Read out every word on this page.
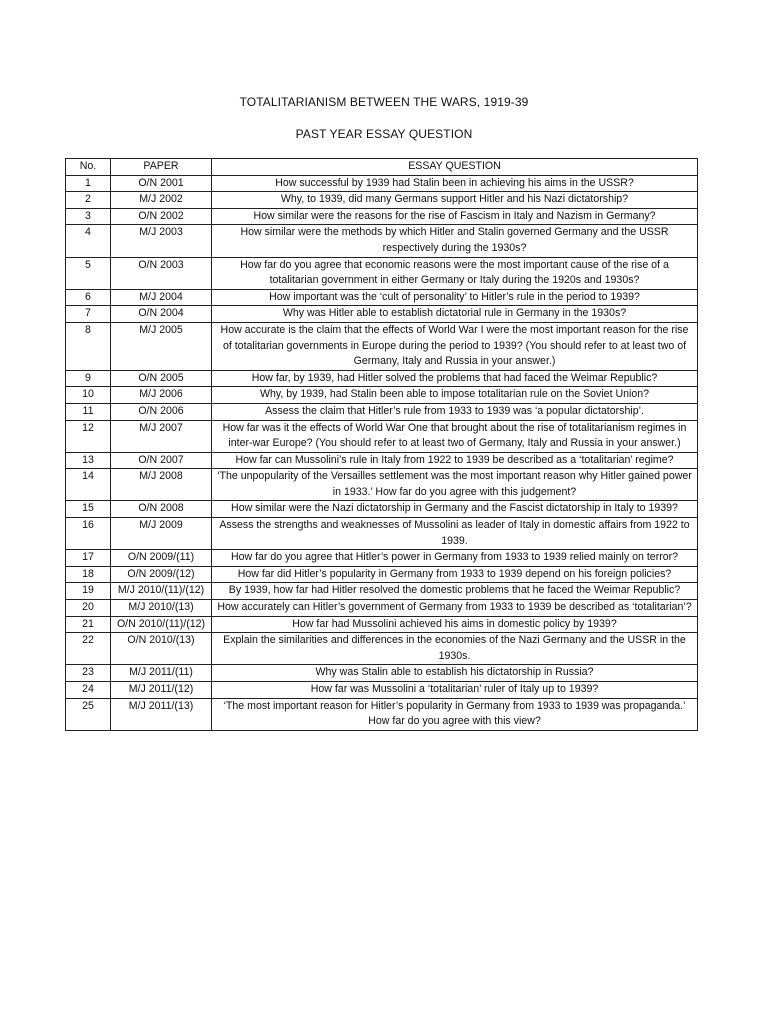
TOTALITARIANISM BETWEEN THE WARS, 1919-39
PAST YEAR ESSAY QUESTION
No.	PAPER	ESSAY QUESTION
1	O/N 2001	How successful by 1939 had Stalin been in achieving his aims in the USSR?
2	M/J 2002	Why, to 1939, did many Germans support Hitler and his Nazi dictatorship?
3	O/N 2002	How similar were the reasons for the rise of Fascism in Italy and Nazism in Germany?
4	M/J 2003	How similar were the methods by which Hitler and Stalin governed Germany and the USSR respectively during the 1930s?
5	O/N 2003	How far do you agree that economic reasons were the most important cause of the rise of a totalitarian government in either Germany or Italy during the 1920s and 1930s?
6	M/J 2004	How important was the ‘cult of personality’ to Hitler’s rule in the period to 1939?
7	O/N 2004	Why was Hitler able to establish dictatorial rule in Germany in the 1930s?
8	M/J 2005	How accurate is the claim that the effects of World War I were the most important reason for the rise of totalitarian governments in Europe during the period to 1939? (You should refer to at least two of Germany, Italy and Russia in your answer.)
9	O/N 2005	How far, by 1939, had Hitler solved the problems that had faced the Weimar Republic?
10	M/J 2006	Why, by 1939, had Stalin been able to impose totalitarian rule on the Soviet Union?
11	O/N 2006	Assess the claim that Hitler’s rule from 1933 to 1939 was ‘a popular dictatorship’.
12	M/J 2007	How far was it the effects of World War One that brought about the rise of totalitarianism regimes in inter-war Europe? (You should refer to at least two of Germany, Italy and Russia in your answer.)
13	O/N 2007	How far can Mussolini’s rule in Italy from 1922 to 1939 be described as a ‘totalitarian’ regime?
14	M/J 2008	‘The unpopularity of the Versailles settlement was the most important reason why Hitler gained power in 1933.’ How far do you agree with this judgement?
15	O/N 2008	How similar were the Nazi dictatorship in Germany and the Fascist dictatorship in Italy to 1939?
16	M/J 2009	Assess the strengths and weaknesses of Mussolini as leader of Italy in domestic affairs from 1922 to 1939.
17	O/N 2009/(11)	How far do you agree that Hitler’s power in Germany from 1933 to 1939 relied mainly on terror?
18	O/N 2009/(12)	How far did Hitler’s popularity in Germany from 1933 to 1939 depend on his foreign policies?
19	M/J 2010/(11)/(12)	By 1939, how far had Hitler resolved the domestic problems that he faced the Weimar Republic?
20	M/J 2010/(13)	How accurately can Hitler’s government of Germany from 1933 to 1939 be described as ‘totalitarian’?
21	O/N 2010/(11)/(12)	How far had Mussolini achieved his aims in domestic policy by 1939?
22	O/N 2010/(13)	Explain the similarities and differences in the economies of the Nazi Germany and the USSR in the 1930s.
23	M/J 2011/(11)	Why was Stalin able to establish his dictatorship in Russia?
24	M/J 2011/(12)	How far was Mussolini a ‘totalitarian’ ruler of Italy up to 1939?
25	M/J 2011/(13)	‘The most important reason for Hitler’s popularity in Germany from 1933 to 1939 was propaganda.’ How far do you agree with this view?
